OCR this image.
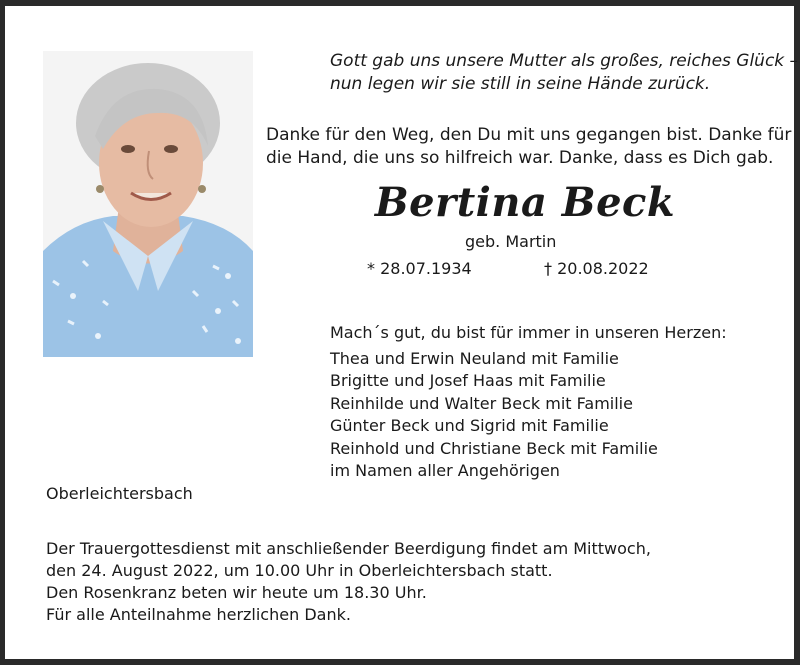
Gott gab uns unsere Mutter als großes, reiches Glück –
nun legen wir sie still in seine Hände zurück.
Danke für den Weg, den Du mit uns gegangen bist. Danke für
die Hand, die uns so hilfreich war. Danke, dass es Dich gab.
Bertina Beck
geb. Martin
* 28.07.1934	† 20.08.2022
Mach´s gut, du bist für immer in unseren Herzen:
Thea und Erwin Neuland mit Familie
Brigitte und Josef Haas mit Familie
Reinhilde und Walter Beck mit Familie
Günter Beck und Sigrid mit Familie
Reinhold und Christiane Beck mit Familie
im Namen aller Angehörigen
Oberleichtersbach
Der Trauergottesdienst mit anschließender Beerdigung findet am Mittwoch,
den 24. August 2022, um 10.00 Uhr in Oberleichtersbach statt.
Den Rosenkranz beten wir heute um 18.30 Uhr.
Für alle Anteilnahme herzlichen Dank.
